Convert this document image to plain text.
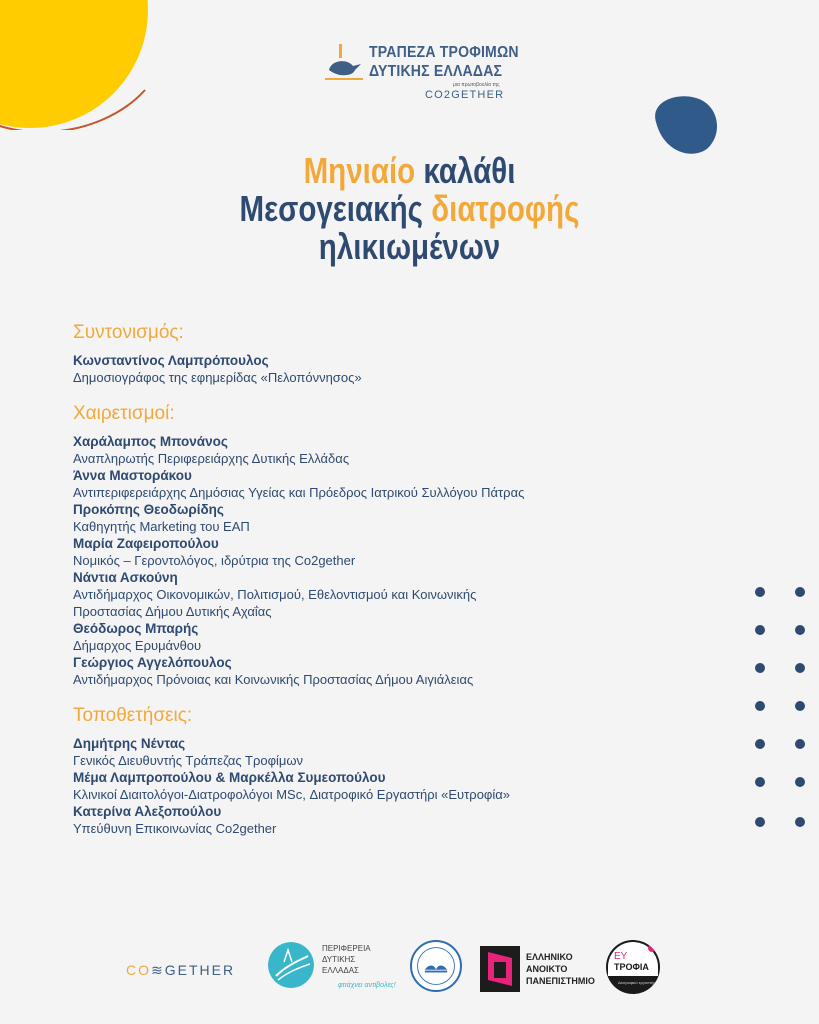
ΤΡΑΠΕΖΑ ΤΡΟΦΙΜΩΝ
ΔΥΤΙΚΗΣ ΕΛΛΑΔΑΣ
μια πρωτοβουλία της
CO2GETHER
Μηνιαίο καλάθι
Μεσογειακής διατροφής
ηλικιωμένων
Συντονισμός:
Κωνσταντίνος Λαμπρόπουλος
Δημοσιογράφος της εφημερίδας «Πελοπόννησος»
Χαιρετισμοί:
Χαράλαμπος Μπονάνος
Αναπληρωτής Περιφερειάρχης Δυτικής Ελλάδας
Άννα Μαστοράκου
Αντιπεριφερειάρχης Δημόσιας Υγείας και Πρόεδρος Ιατρικού Συλλόγου Πάτρας
Προκόπης Θεοδωρίδης
Καθηγητής Marketing του ΕΑΠ
Μαρία Ζαφειροπούλου
Νομικός – Γεροντολόγος, ιδρύτρια της Co2gether
Νάντια Ασκούνη
Αντιδήμαρχος Οικονομικών, Πολιτισμού, Εθελοντισμού και Κοινωνικής
Προστασίας Δήμου Δυτικής Αχαΐας
Θεόδωρος Μπαρής
Δήμαρχος Ερυμάνθου
Γεώργιος Αγγελόπουλος
Αντιδήμαρχος Πρόνοιας και Κοινωνικής Προστασίας Δήμου Αιγιάλειας
Τοποθετήσεις:
Δημήτρης Νέντας
Γενικός Διευθυντής Τράπεζας Τροφίμων
Μέμα Λαμπροπούλου & Μαρκέλλα Συμεοπούλου
Κλινικοί Διαιτολόγοι-Διατροφολόγοι MSc, Διατροφικό Εργαστήρι «Ευτροφία»
Κατερίνα Αλεξοπούλου
Υπεύθυνη Επικοινωνίας Co2gether
CO≋GETHER
ΠΕΡΙΦΕΡΕΙΑ
ΔΥΤΙΚΗΣ
ΕΛΛΑΔΑΣ
φτιάχνει αντίβολες!
ΕΛΛΗΝΙΚΟ
ΑΝΟΙΚΤΟ
ΠΑΝΕΠΙΣΤΗΜΙΟ
ΕΥ
ΤΡΟΦΙΑ
Διατροφικό εργαστήρι
